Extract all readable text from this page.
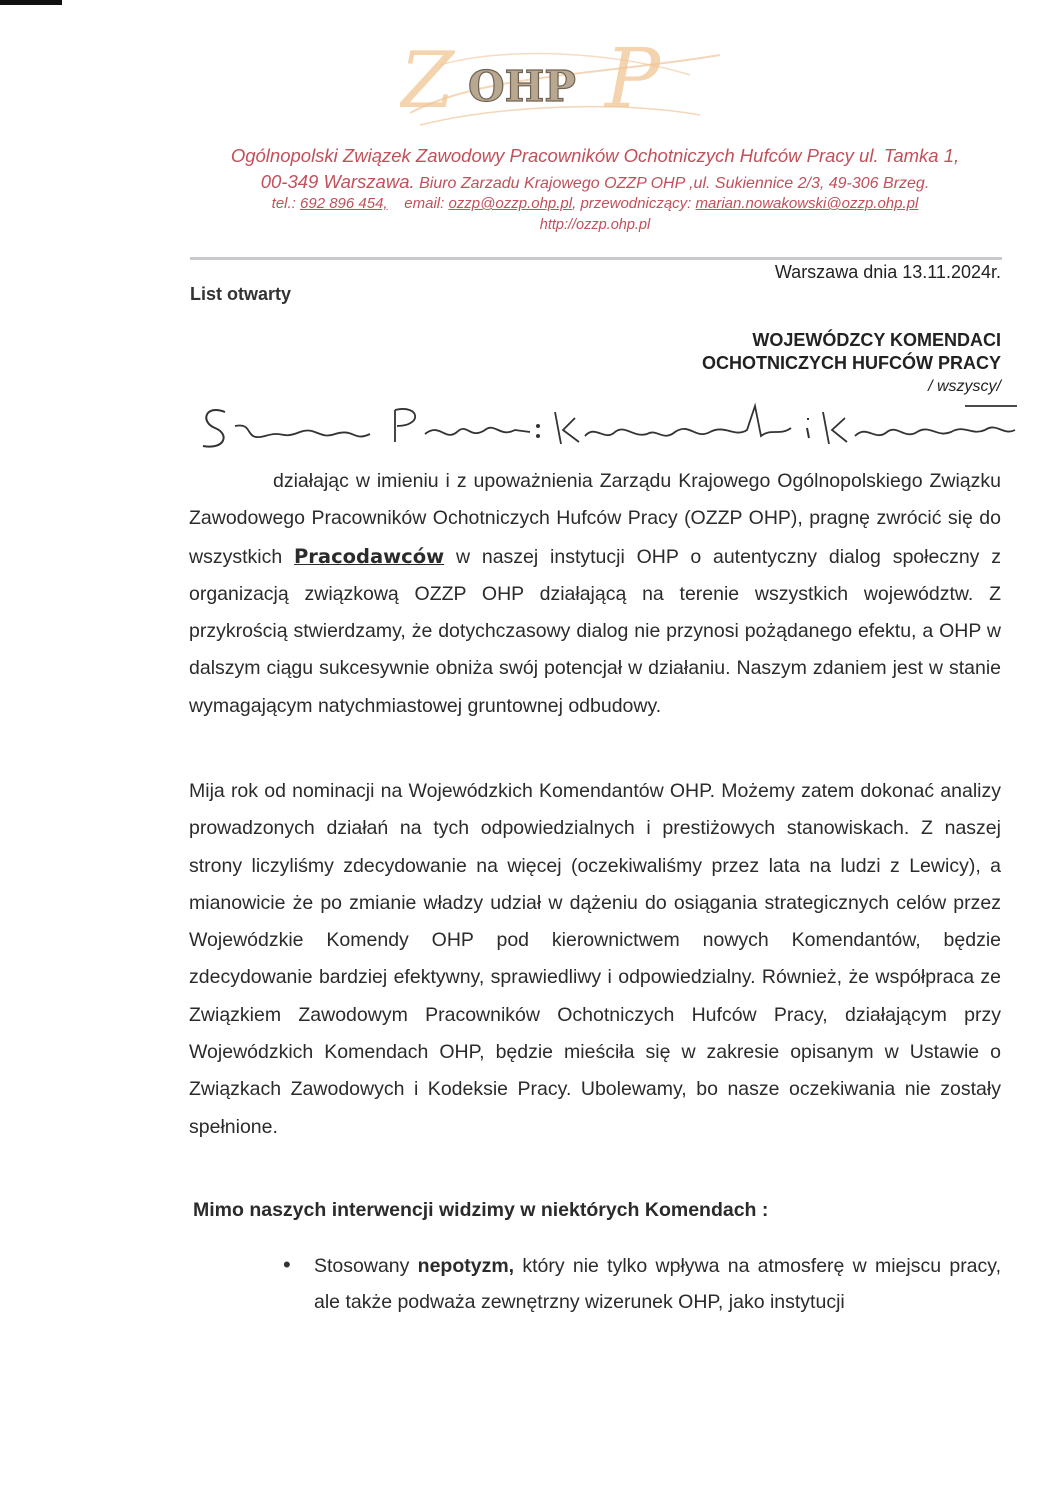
Z P
OHP
Ogólnopolski Związek Zawodowy Pracowników Ochotniczych Hufców Pracy ul. Tamka 1,
00-349 Warszawa. Biuro Zarzadu Krajowego OZZP OHP ,ul. Sukiennice 2/3, 49-306 Brzeg.
tel.: 692 896 454,    email: ozzp@ozzp.ohp.pl, przewodniczący: marian.nowakowski@ozzp.ohp.pl
http://ozzp.ohp.pl
Warszawa dnia 13.11.2024r.
List otwarty
WOJEWÓDZCY KOMENDACI
OCHOTNICZYCH HUFCÓW PRACY
/ wszyscy/

działając w imieniu i z upoważnienia Zarządu Krajowego Ogólnopolskiego Związku Zawodowego Pracowników Ochotniczych Hufców Pracy (OZZP OHP), pragnę zwrócić się do wszystkich Pracodawców w naszej instytucji OHP o autentyczny dialog społeczny z organizacją związkową OZZP OHP działającą na terenie wszystkich województw. Z przykrością stwierdzamy, że dotychczasowy dialog nie przynosi pożądanego efektu, a OHP w dalszym ciągu sukcesywnie obniża swój potencjał w działaniu. Naszym zdaniem jest w stanie wymagającym natychmiastowej gruntownej odbudowy.

Mija rok od nominacji na Wojewódzkich Komendantów OHP. Możemy zatem dokonać analizy prowadzonych działań na tych odpowiedzialnych i prestiżowych stanowiskach. Z naszej strony liczyliśmy zdecydowanie na więcej (oczekiwaliśmy przez lata na ludzi z Lewicy), a mianowicie że po zmianie władzy udział w dążeniu do osiągania strategicznych celów przez Wojewódzkie Komendy OHP pod kierownictwem nowych Komendantów, będzie zdecydowanie bardziej efektywny, sprawiedliwy i odpowiedzialny. Również, że współpraca ze Związkiem Zawodowym Pracowników Ochotniczych Hufców Pracy, działającym przy Wojewódzkich Komendach OHP, będzie mieściła się w zakresie opisanym w Ustawie o Związkach Zawodowych i Kodeksie Pracy. Ubolewamy, bo nasze oczekiwania nie zostały spełnione.

Mimo naszych interwencji widzimy w niektórych Komendach :
• Stosowany nepotyzm, który nie tylko wpływa na atmosferę w miejscu pracy, ale także podważa zewnętrzny wizerunek OHP, jako instytucji
